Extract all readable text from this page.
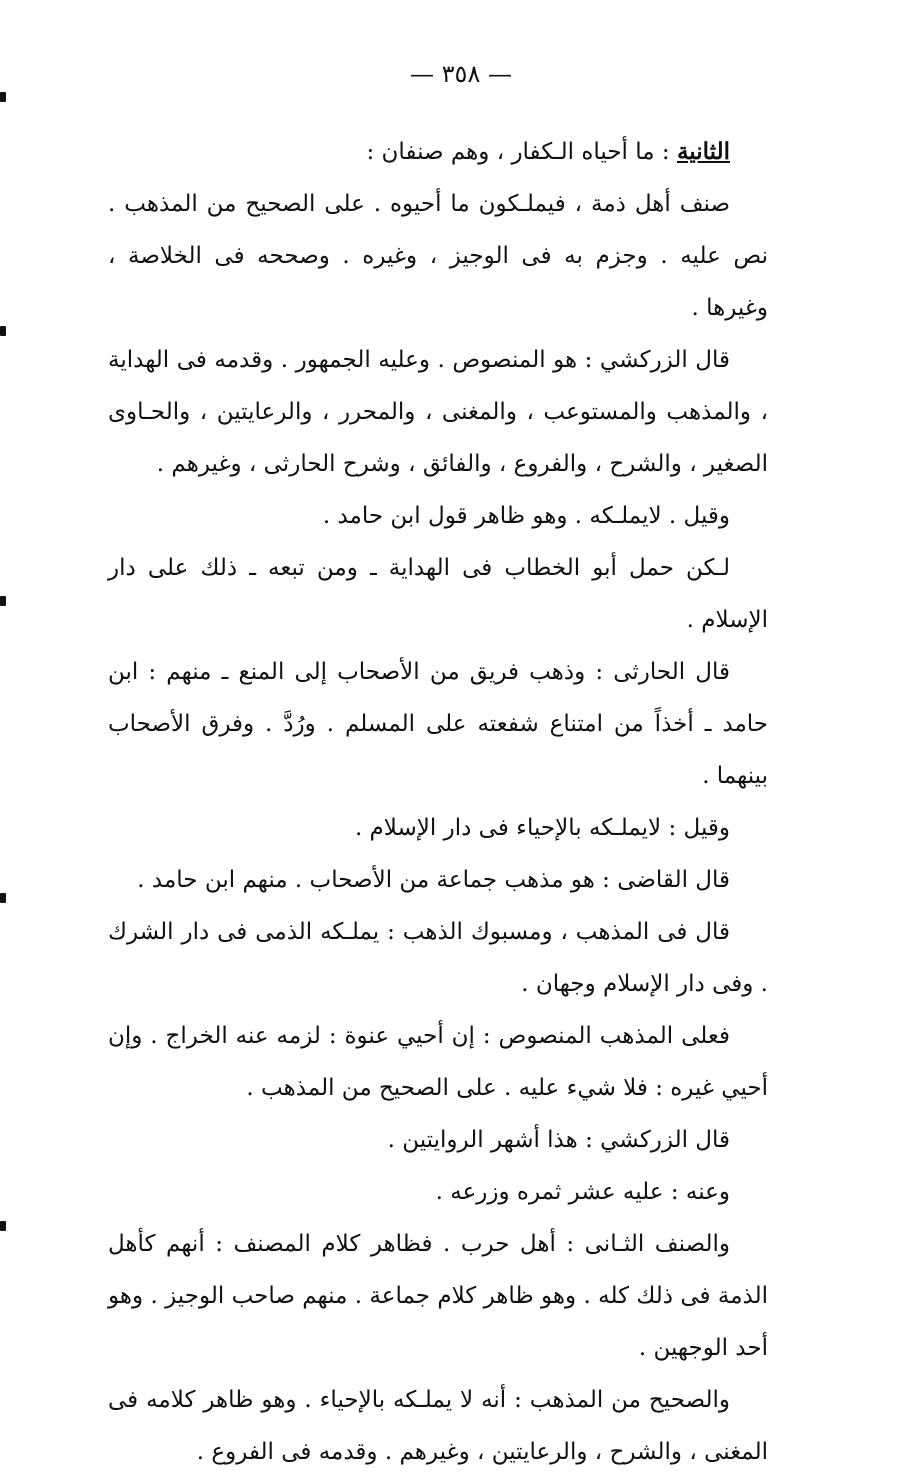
— ٣٥٨ —

الثانية : ما أحياه الـكفار ، وهم صنفان :

صنف أهل ذمة ، فيملـكون ما أحيوه . على الصحيح من المذهب . نص عليه . وجزم به فى الوجيز ، وغيره . وصححه فى الخلاصة ، وغيرها .

قال الزركشي : هو المنصوص . وعليه الجمهور . وقدمه فى الهداية ، والمذهب والمستوعب ، والمغنى ، والمحرر ، والرعايتين ، والحـاوى الصغير ، والشرح ، والفروع ، والفائق ، وشرح الحارثى ، وغيرهم .

وقيل . لايملـكه . وهو ظاهر قول ابن حامد .

لـكن حمل أبو الخطاب فى الهداية ـ ومن تبعه ـ ذلك على دار الإسلام .

قال الحارثى : وذهب فريق من الأصحاب إلى المنع ـ منهم : ابن حامد ـ أخذاً من امتناع شفعته على المسلم . ورُدَّ . وفرق الأصحاب بينهما .

وقيل : لايملـكه بالإحياء فى دار الإسلام .

قال القاضى : هو مذهب جماعة من الأصحاب . منهم ابن حامد .

قال فى المذهب ، ومسبوك الذهب : يملـكه الذمى فى دار الشرك . وفى دار الإسلام وجهان .

فعلى المذهب المنصوص : إن أحيي عنوة : لزمه عنه الخراج . وإن أحيي غيره : فلا شيء عليه . على الصحيح من المذهب .

قال الزركشي : هذا أشهر الروايتين .

وعنه : عليه عشر ثمره وزرعه .

والصنف الثـانى : أهل حرب . فظاهر كلام المصنف : أنهم كأهل الذمة فى ذلك كله . وهو ظاهر كلام جماعة . منهم صاحب الوجيز . وهو أحد الوجهين .

والصحيح من المذهب : أنه لا يملـكه بالإحياء . وهو ظاهر كلامه فى المغنى ، والشرح ، والرعايتين ، وغيرهم . وقدمه فى الفروع .
